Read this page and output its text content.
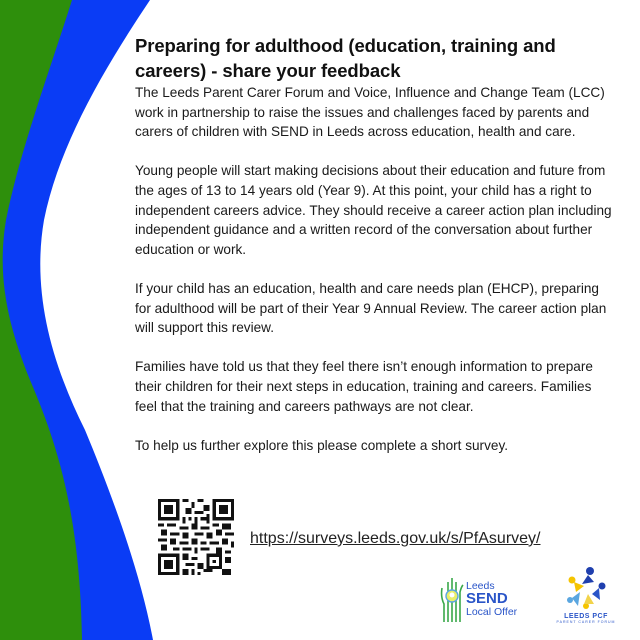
Preparing for adulthood (education, training and careers) - share your feedback

The Leeds Parent Carer Forum and Voice, Influence and Change Team (LCC) work in partnership to raise the issues and challenges faced by parents and carers of children with SEND in Leeds across education, health and care.

Young people will start making decisions about their education and future from the ages of 13 to 14 years old (Year 9). At this point, your child has a right to independent careers advice. They should receive a career action plan including independent guidance and a written record of the conversation about further education or work.

If your child has an education, health and care needs plan (EHCP), preparing for adulthood will be part of their Year 9 Annual Review. The career action plan will support this review.

Families have told us that they feel there isn’t enough information to prepare their children for their next steps in education, training and careers. Families feel that the training and careers pathways are not clear.

To help us further explore this please complete a short survey.

https://surveys.leeds.gov.uk/s/PfAsurvey/
Leeds
SEND
Local Offer	LEEDS PCF
PARENT CARER FORUM
